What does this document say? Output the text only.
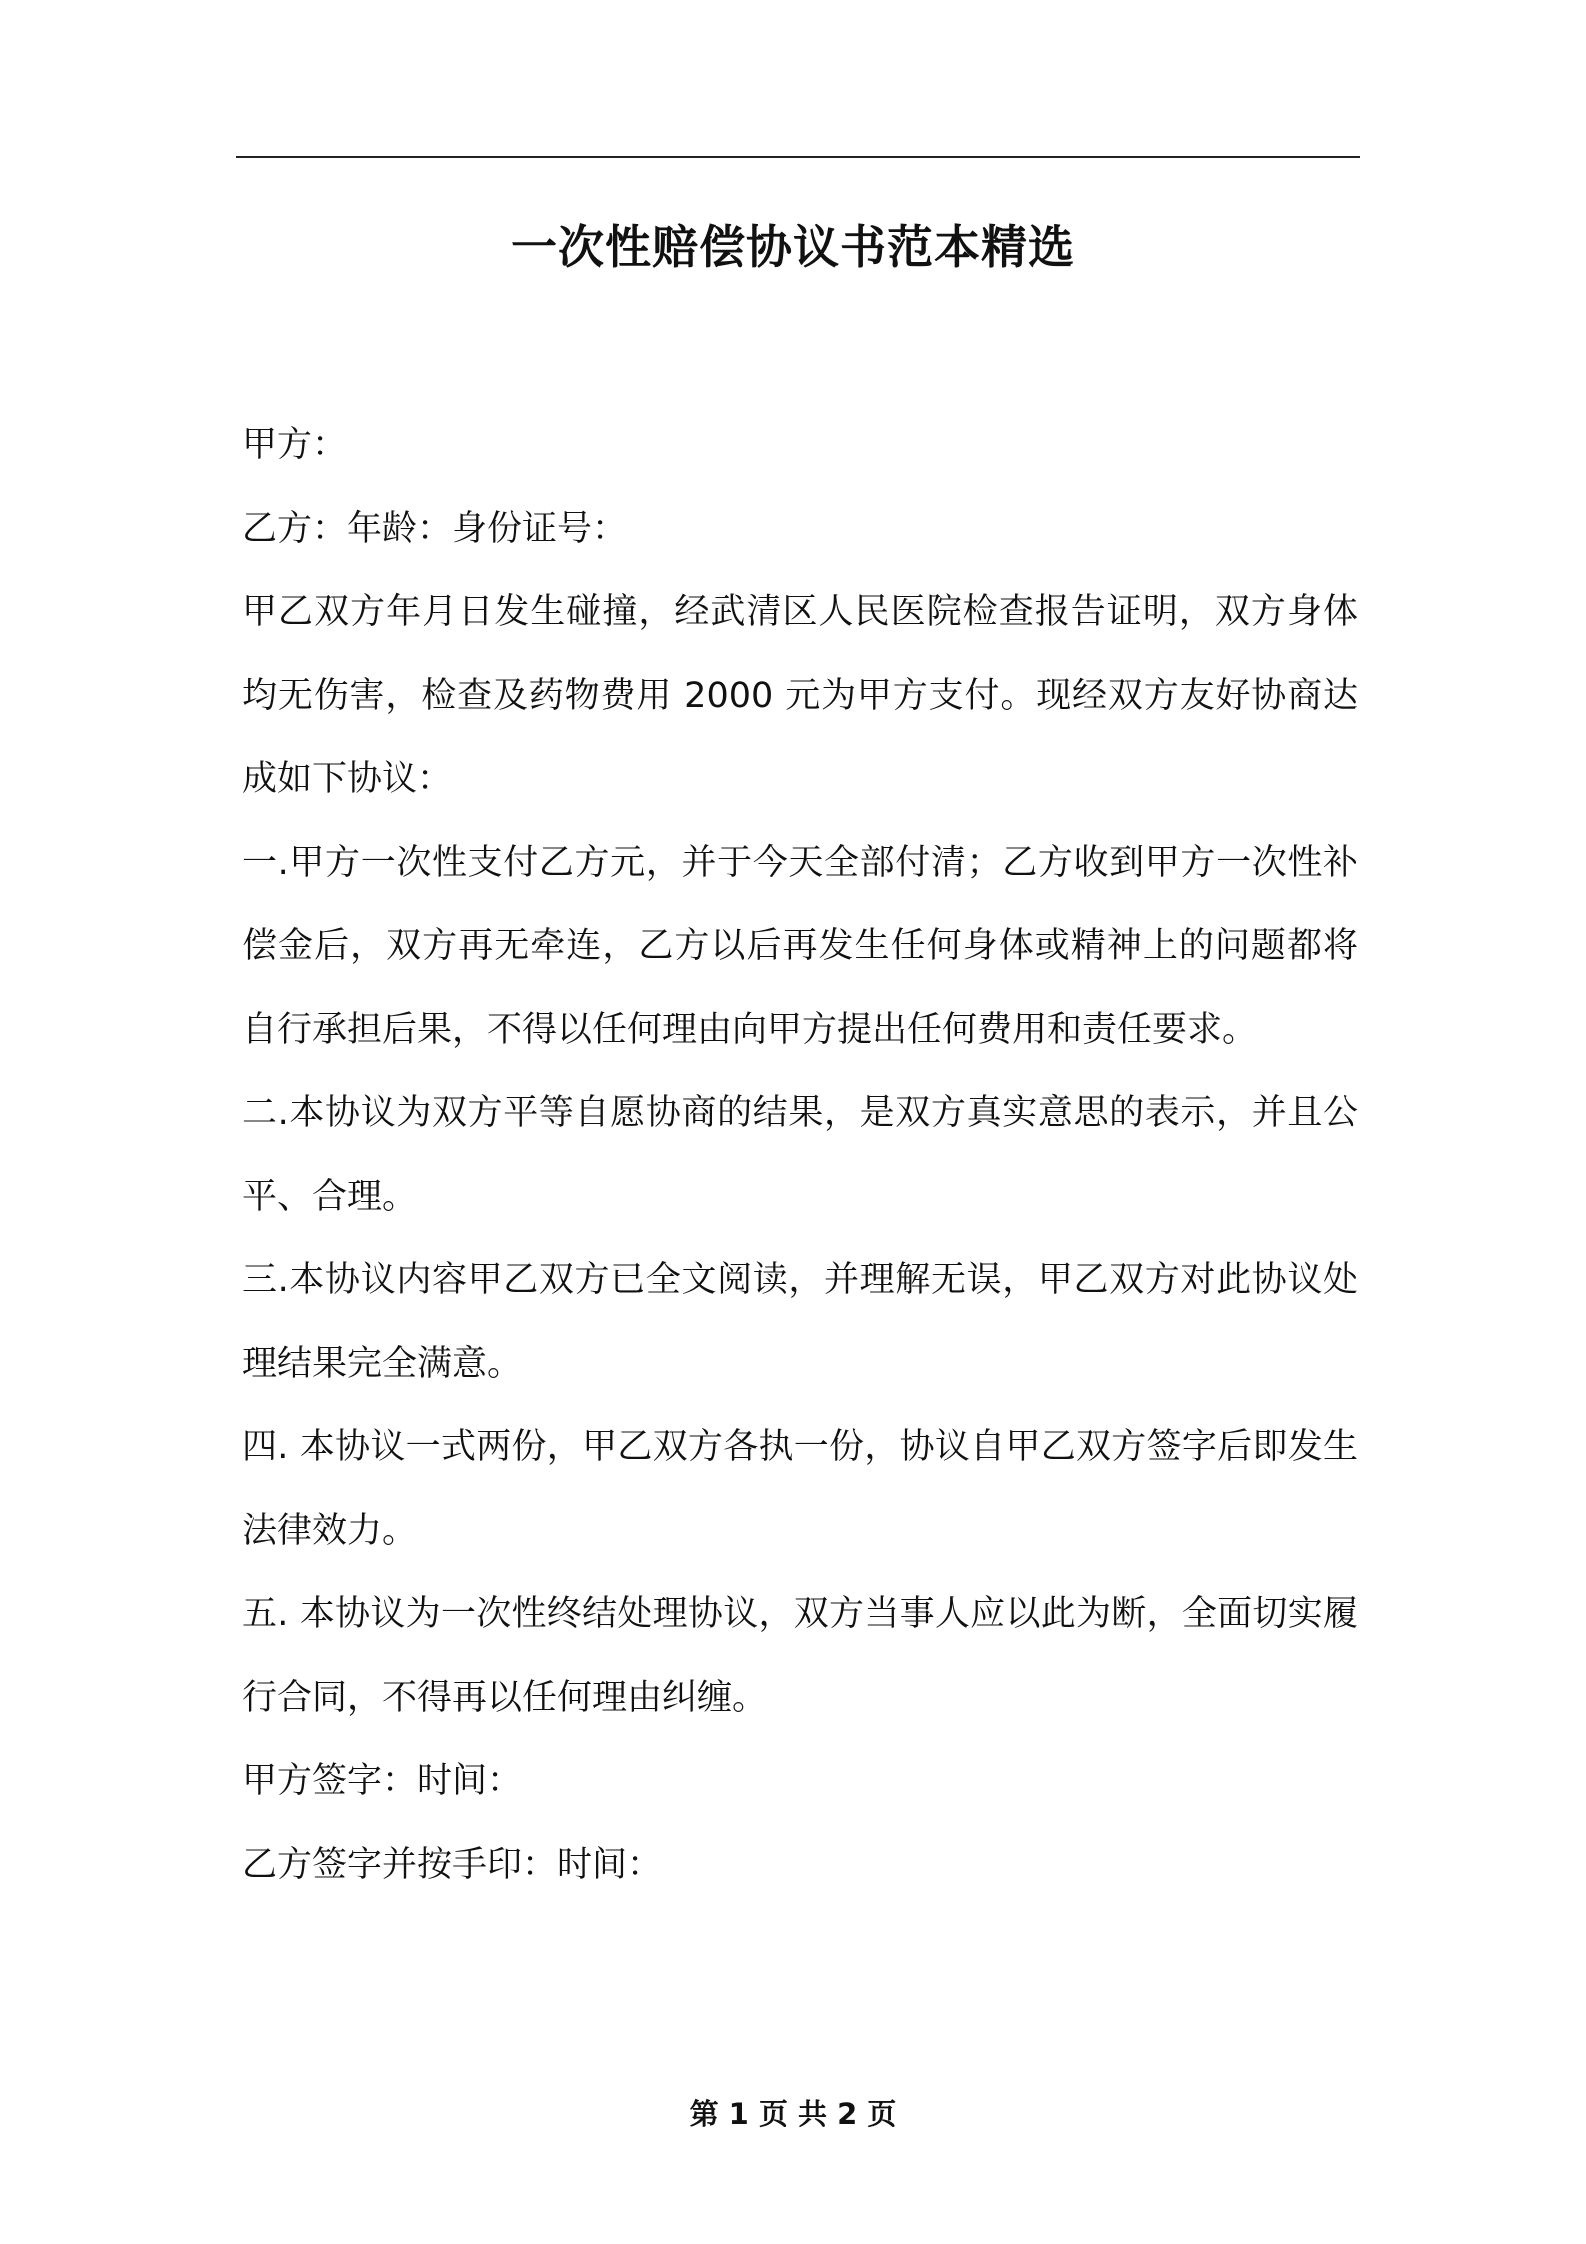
一次性赔偿协议书范本精选

甲方：

乙方：年龄：身份证号：

甲乙双方年月日发生碰撞，经武清区人民医院检查报告证明，双方身体均无伤害，检查及药物费用 2000 元为甲方支付。现经双方友好协商达成如下协议：

一.甲方一次性支付乙方元，并于今天全部付清；乙方收到甲方一次性补偿金后，双方再无牵连，乙方以后再发生任何身体或精神上的问题都将自行承担后果，不得以任何理由向甲方提出任何费用和责任要求。

二.本协议为双方平等自愿协商的结果，是双方真实意思的表示，并且公平、合理。

三.本协议内容甲乙双方已全文阅读，并理解无误，甲乙双方对此协议处理结果完全满意。

四. 本协议一式两份，甲乙双方各执一份，协议自甲乙双方签字后即发生法律效力。

五. 本协议为一次性终结处理协议，双方当事人应以此为断，全面切实履行合同，不得再以任何理由纠缠。

甲方签字：时间：

乙方签字并按手印：时间：

第 1 页 共 2 页
